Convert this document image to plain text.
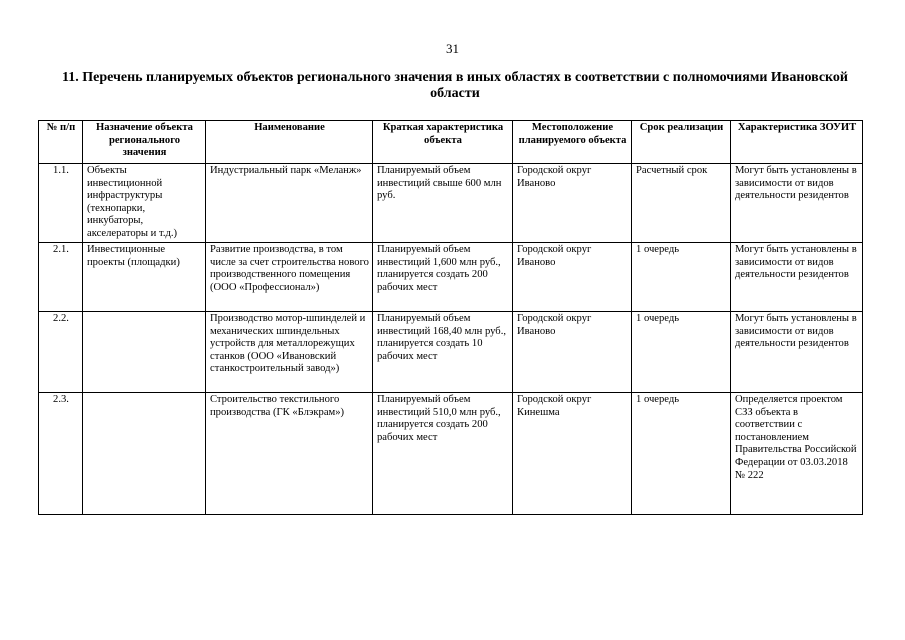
31
11. Перечень планируемых объектов регионального значения в иных областях в соответствии с полномочиями Ивановской области
№ п/п	Назначение объекта регионального значения	Наименование	Краткая характеристика объекта	Местоположение планируемого объекта	Срок реализации	Характеристика ЗОУИТ
1.1.	Объекты инвестиционной инфраструктуры (технопарки, инкубаторы, акселераторы и т.д.)	Индустриальный парк «Меланж»	Планируемый объем инвестиций свыше 600 млн руб.	Городской округ Иваново	Расчетный срок	Могут быть установлены в зависимости от видов деятельности резидентов
2.1.	Инвестиционные проекты (площадки)	Развитие производства, в том числе за счет строительства нового производственного помещения (ООО «Профессионал»)	Планируемый объем инвестиций 1,600 млн руб., планируется создать 200 рабочих мест	Городской округ Иваново	1 очередь	Могут быть установлены в зависимости от видов деятельности резидентов
2.2.		Производство мотор-шпинделей и механических шпиндельных устройств для металлорежущих станков (ООО «Ивановский станкостроительный завод»)	Планируемый объем инвестиций 168,40 млн руб., планируется создать 10 рабочих мест	Городской округ Иваново	1 очередь	Могут быть установлены в зависимости от видов деятельности резидентов
2.3.		Строительство текстильного производства (ГК «Блэкрам»)	Планируемый объем инвестиций 510,0 млн руб., планируется создать 200 рабочих мест	Городской округ Кинешма	1 очередь	Определяется проектом СЗЗ объекта в соответствии с постановлением Правительства Российской Федерации от 03.03.2018 № 222
